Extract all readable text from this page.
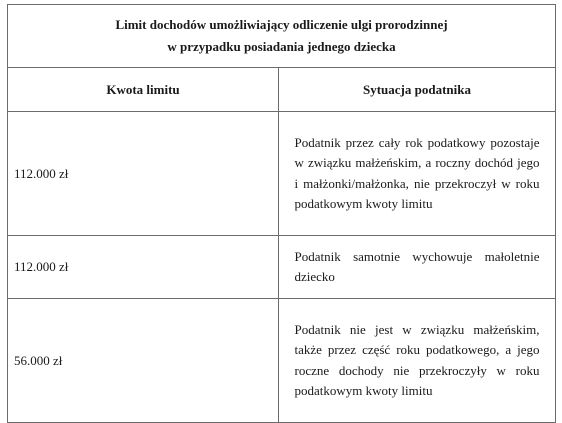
Limit dochodów umożliwiający odliczenie ulgi prorodzinnej
w przypadku posiadania jednego dziecka	

Kwota limitu	Sytuacja podatnika
112.000 zł	Podatnik przez cały rok podatkowy pozostaje w związku małżeńskim, a roczny dochód jego i małżonki/małżonka, nie przekroczył w roku podatkowym kwoty limitu
112.000 zł	Podatnik samotnie wychowuje małoletnie dziecko
56.000 zł	Podatnik nie jest w związku małżeńskim, także przez część roku podatkowego, a jego roczne dochody nie przekroczyły w roku podatkowym kwoty limitu
